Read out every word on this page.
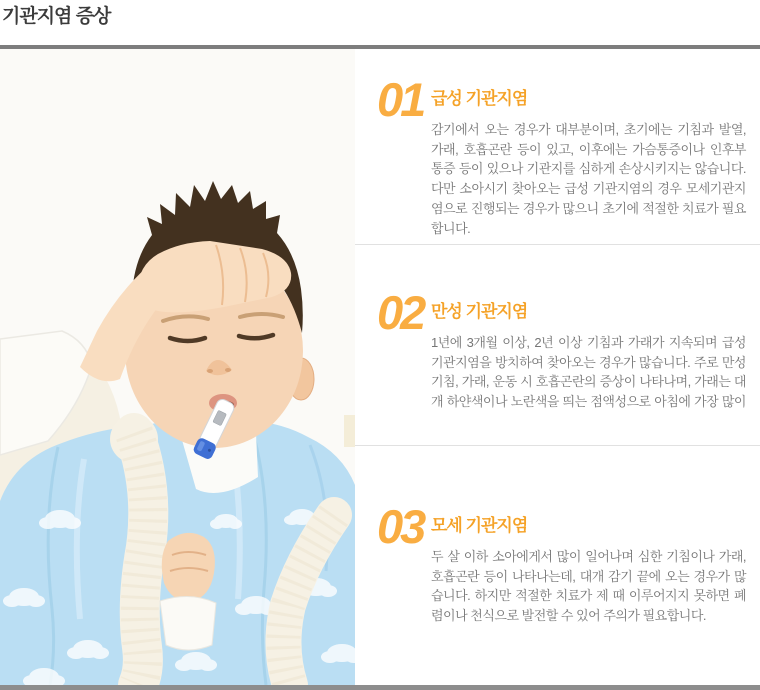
기관지염 증상
01 급성 기관지염

감기에서 오는 경우가 대부분이며, 초기에는 기침과 발열, 가래, 호흡곤란 등이 있고, 이후에는 가슴통증이나 인후부 통증 등이 있으나 기관지를 심하게 손상시키지는 않습니다. 다만 소아시기 찾아오는 급성 기관지염의 경우 모세기관지염으로 진행되는 경우가 많으니 초기에 적절한 치료가 필요합니다.

02 만성 기관지염

1년에 3개월 이상, 2년 이상 기침과 가래가 지속되며 급성 기관지염을 방치하여 찾아오는 경우가 많습니다. 주로 만성 기침, 가래, 운동 시 호흡곤란의 증상이 나타나며, 가래는 대개 하얀색이나 노란색을 띄는 점액성으로 아침에 가장 많이

03 모세 기관지염

두 살 이하 소아에게서 많이 일어나며 심한 기침이나 가래, 호흡곤란 등이 나타나는데, 대개 감기 끝에 오는 경우가 많습니다. 하지만 적절한 치료가 제 때 이루어지지 못하면 폐렴이나 천식으로 발전할 수 있어 주의가 필요합니다.
